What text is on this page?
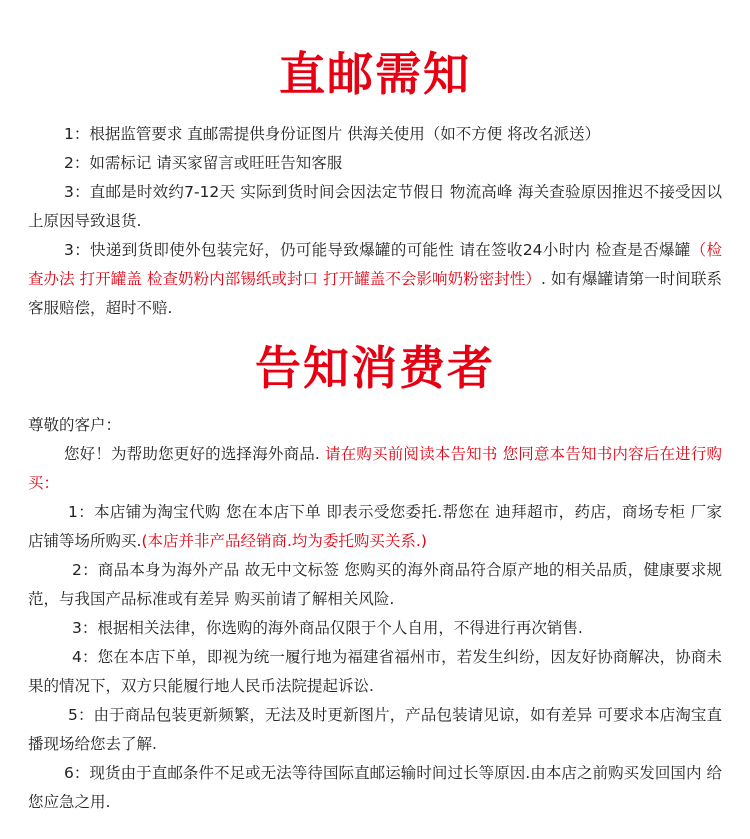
直邮需知
1：根据监管要求 直邮需提供身份证图片 供海关使用（如不方便 将改名派送）
2：如需标记 请买家留言或旺旺告知客服
3：直邮是时效约7-12天 实际到货时间会因法定节假日 物流高峰 海关查验原因推迟不接受因以上原因导致退货.
3：快递到货即使外包装完好，仍可能导致爆罐的可能性 请在签收24小时内 检查是否爆罐（检查办法 打开罐盖 检查奶粉内部锡纸或封口 打开罐盖不会影响奶粉密封性）. 如有爆罐请第一时间联系客服赔偿，超时不赔.
告知消费者
尊敬的客户：
您好！为帮助您更好的选择海外商品. 请在购买前阅读本告知书 您同意本告知书内容后在进行购买：
1：本店铺为淘宝代购 您在本店下单 即表示受您委托.帮您在 迪拜超市，药店，商场专柜 厂家 店铺等场所购买.(本店并非产品经销商.均为委托购买关系.)
2：商品本身为海外产品 故无中文标签 您购买的海外商品符合原产地的相关品质，健康要求规范，与我国产品标准或有差异 购买前请了解相关风险.
3：根据相关法律，你选购的海外商品仅限于个人自用，不得进行再次销售.
4：您在本店下单，即视为统一履行地为福建省福州市，若发生纠纷，因友好协商解决，协商未果的情况下，双方只能履行地人民币法院提起诉讼.
5：由于商品包装更新频繁，无法及时更新图片，产品包装请见谅，如有差异 可要求本店淘宝直播现场给您去了解.
6：现货由于直邮条件不足或无法等待国际直邮运输时间过长等原因.由本店之前购买发回国内 给您应急之用.
